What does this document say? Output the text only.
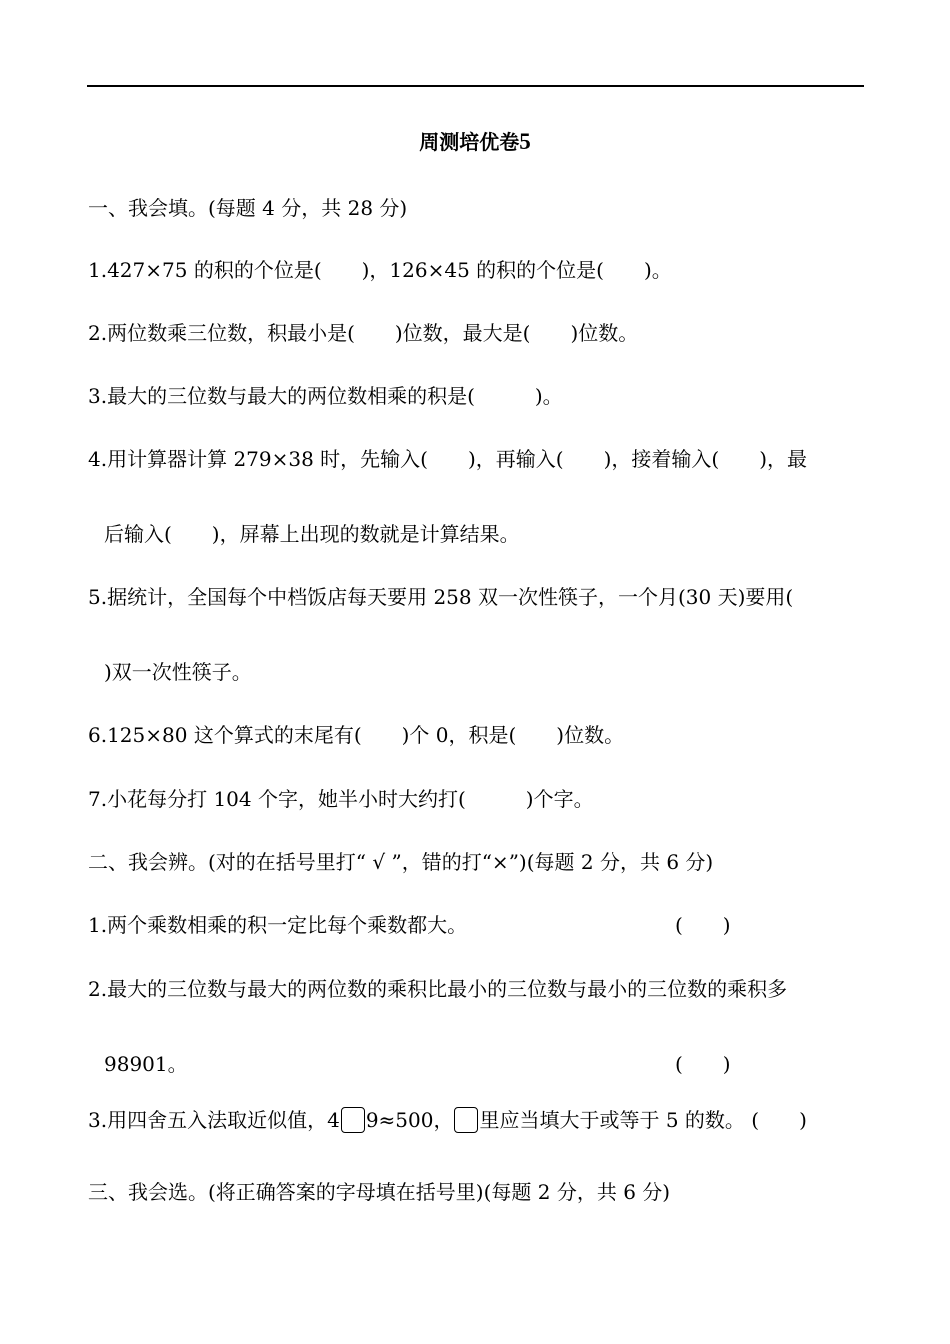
周测培优卷5
一、我会填。(每题 4 分，共 28 分)
1.427×75 的积的个位是(　　)，126×45 的积的个位是(　　)。
2.两位数乘三位数，积最小是(　　)位数，最大是(　　)位数。
3.最大的三位数与最大的两位数相乘的积是(　　　)。
4.用计算器计算 279×38 时，先输入(　　)，再输入(　　)，接着输入(　　)，最
后输入(　　)，屏幕上出现的数就是计算结果。
5.据统计，全国每个中档饭店每天要用 258 双一次性筷子，一个月(30 天)要用(
)双一次性筷子。
6.125×80 这个算式的末尾有(　　)个 0，积是(　　)位数。
7.小花每分打 104 个字，她半小时大约打(　　　)个字。
二、我会辨。(对的在括号里打“ √ ”，错的打“×”)(每题 2 分，共 6 分)
1.两个乘数相乘的积一定比每个乘数都大。	(　　)
2.最大的三位数与最大的两位数的乘积比最小的三位数与最小的三位数的乘积多
98901。	(　　)
3.用四舍五入法取近似值，4 9≈500， 里应当填大于或等于 5 的数。 (　　)
三、我会选。(将正确答案的字母填在括号里)(每题 2 分，共 6 分)
